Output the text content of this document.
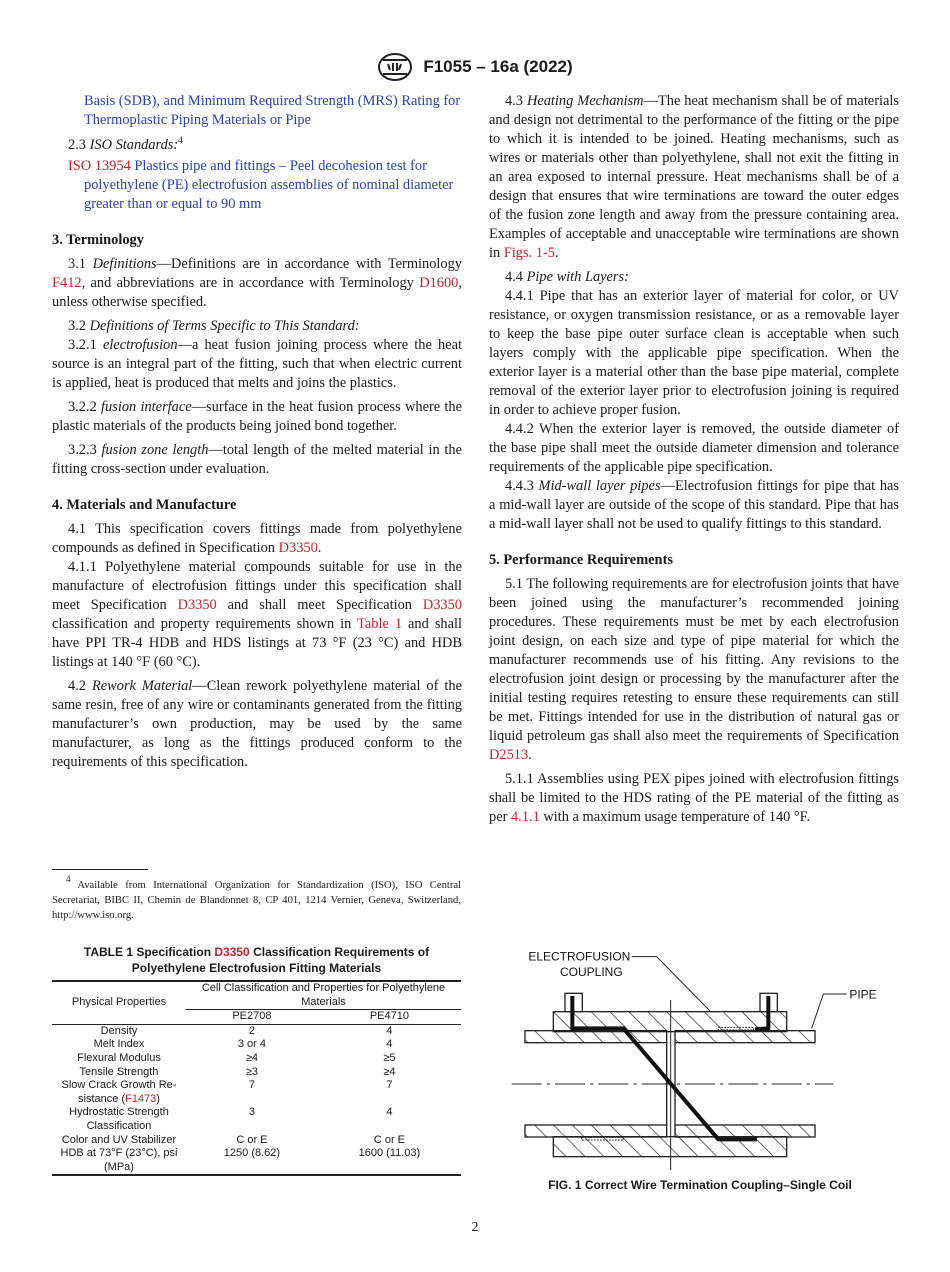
F1055 – 16a (2022)

Basis (SDB), and Minimum Required Strength (MRS) Rating for Thermoplastic Piping Materials or Pipe

2.3 ISO Standards:$^4$

ISO 13954 Plastics pipe and fittings – Peel decohesion test for polyethylene (PE) electrofusion assemblies of nominal diameter greater than or equal to 90 mm

3. Terminology

3.1 Definitions—Definitions are in accordance with Terminology F412, and abbreviations are in accordance with Terminology D1600, unless otherwise specified.

3.2 Definitions of Terms Specific to This Standard:

3.2.1 electrofusion—a heat fusion joining process where the heat source is an integral part of the fitting, such that when electric current is applied, heat is produced that melts and joins the plastics.

3.2.2 fusion interface—surface in the heat fusion process where the plastic materials of the products being joined bond together.

3.2.3 fusion zone length—total length of the melted material in the fitting cross-section under evaluation.

4. Materials and Manufacture

4.1 This specification covers fittings made from polyethylene compounds as defined in Specification D3350.

4.1.1 Polyethylene material compounds suitable for use in the manufacture of electrofusion fittings under this specification shall meet Specification D3350 and shall meet Specification D3350 classification and property requirements shown in Table 1 and shall have PPI TR-4 HDB and HDS listings at 73 °F (23 °C) and HDB listings at 140 °F (60 °C).

4.2 Rework Material—Clean rework polyethylene material of the same resin, free of any wire or contaminants generated from the fitting manufacturer’s own production, may be used by the same manufacturer, as long as the fittings produced conform to the requirements of this specification.

4.3 Heating Mechanism—The heat mechanism shall be of materials and design not detrimental to the performance of the fitting or the pipe to which it is intended to be joined. Heating mechanisms, such as wires or materials other than polyethylene, shall not exit the fitting in an area exposed to internal pressure. Heat mechanisms shall be of a design that ensures that wire terminations are toward the outer edges of the fusion zone length and away from the pressure containing area. Examples of acceptable and unacceptable wire terminations are shown in Figs. 1-5.

4.4 Pipe with Layers:

4.4.1 Pipe that has an exterior layer of material for color, or UV resistance, or oxygen transmission resistance, or as a removable layer to keep the base pipe outer surface clean is acceptable when such layers comply with the applicable pipe specification. When the exterior layer is a material other than the base pipe material, complete removal of the exterior layer prior to electrofusion joining is required in order to achieve proper fusion.

4.4.2 When the exterior layer is removed, the outside diameter of the base pipe shall meet the outside diameter dimension and tolerance requirements of the applicable pipe specification.

4.4.3 Mid-wall layer pipes—Electrofusion fittings for pipe that has a mid-wall layer are outside of the scope of this standard. Pipe that has a mid-wall layer shall not be used to qualify fittings to this standard.

5. Performance Requirements

5.1 The following requirements are for electrofusion joints that have been joined using the manufacturer’s recommended joining procedures. These requirements must be met by each electrofusion joint design, on each size and type of pipe material for which the manufacturer recommends use of his fitting. Any revisions to the electrofusion joint design or processing by the manufacturer after the initial testing requires retesting to ensure these requirements can still be met. Fittings intended for use in the distribution of natural gas or liquid petroleum gas shall also meet the requirements of Specification D2513.

5.1.1 Assemblies using PEX pipes joined with electrofusion fittings shall be limited to the HDS rating of the PE material of the fitting as per 4.1.1 with a maximum usage temperature of 140 °F.

$^4$ Available from International Organization for Standardization (ISO), ISO Central Secretariat, BIBC II, Chemin de Blandonnet 8, CP 401, 1214 Vernier, Geneva, Switzerland, http://www.iso.org.
TABLE 1 Specification D3350 Classification Requirements of Polyethylene Electrofusion Fitting Materials
Physical Properties	Cell Classification and Properties for Polyethylene Materials	
	PE2708	PE4710
Density	2	4
Melt Index	3 or 4	4
Flexural Modulus	≥4	≥5
Tensile Strength	≥3	≥4
Slow Crack Growth Re-sistance (F1473)	7	7
Hydrostatic Strength Classification	3	4
Color and UV Stabilizer	C or E	C or E
HDB at 73°F (23°C), psi (MPa)	1250 (8.62)	1600 (11.03)
ELECTROFUSION
COUPLING
PIPE
FIG. 1 Correct Wire Termination Coupling–Single Coil
2
